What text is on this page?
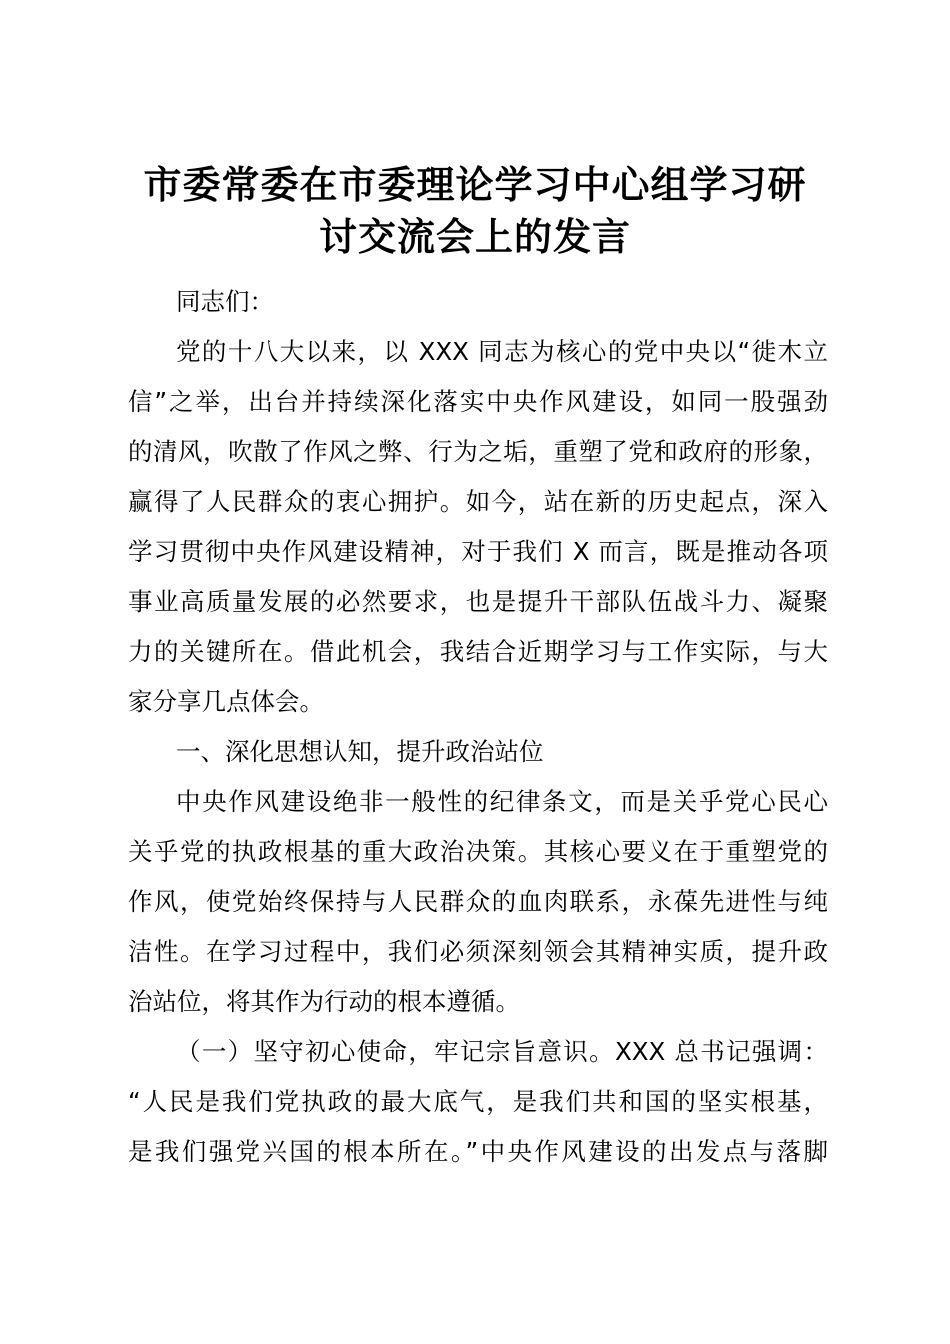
市委常委在市委理论学习中心组学习研
讨交流会上的发言
同志们：
党的十八大以来，以 XXX 同志为核心的党中央以“徙木立
信”之举，出台并持续深化落实中央作风建设，如同一股强劲
的清风，吹散了作风之弊、行为之垢，重塑了党和政府的形象，
赢得了人民群众的衷心拥护。如今，站在新的历史起点，深入
学习贯彻中央作风建设精神，对于我们 X 而言，既是推动各项
事业高质量发展的必然要求，也是提升干部队伍战斗力、凝聚
力的关键所在。借此机会，我结合近期学习与工作实际，与大
家分享几点体会。
一、深化思想认知，提升政治站位
中央作风建设绝非一般性的纪律条文，而是关乎党心民心
关乎党的执政根基的重大政治决策。其核心要义在于重塑党的
作风，使党始终保持与人民群众的血肉联系，永葆先进性与纯
洁性。在学习过程中，我们必须深刻领会其精神实质，提升政
治站位，将其作为行动的根本遵循。
（一）坚守初心使命，牢记宗旨意识。XXX 总书记强调：
“人民是我们党执政的最大底气，是我们共和国的坚实根基，
是我们强党兴国的根本所在。”中央作风建设的出发点与落脚
